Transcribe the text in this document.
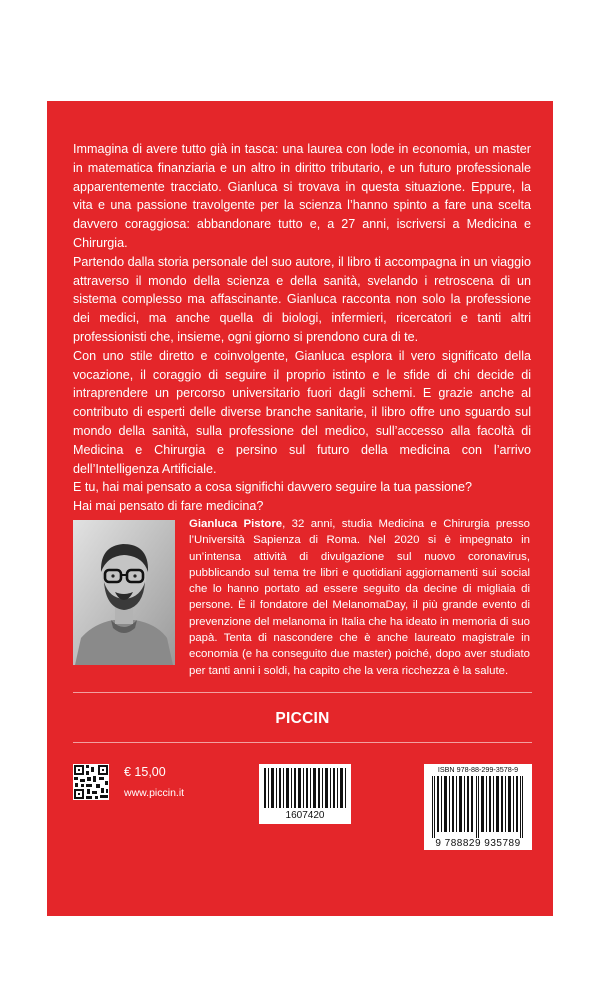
Immagina di avere tutto già in tasca: una laurea con lode in economia, un master in matematica finanziaria e un altro in diritto tributario, e un futuro professionale apparentemente tracciato. Gianluca si trovava in questa situazione. Eppure, la vita e una passione travolgente per la scienza l’hanno spinto a fare una scelta davvero coraggiosa: abbandonare tutto e, a 27 anni, iscriversi a Medicina e Chirurgia.

Partendo dalla storia personale del suo autore, il libro ti accompagna in un viaggio attraverso il mondo della scienza e della sanità, svelando i retroscena di un sistema complesso ma affascinante. Gianluca racconta non solo la professione dei medici, ma anche quella di biologi, infermieri, ricercatori e tanti altri professionisti che, insieme, ogni giorno si prendono cura di te.

Con uno stile diretto e coinvolgente, Gianluca esplora il vero significato della vocazione, il coraggio di seguire il proprio istinto e le sfide di chi decide di intraprendere un percorso universitario fuori dagli schemi. E grazie anche al contributo di esperti delle diverse branche sanitarie, il libro offre uno sguardo sul mondo della sanità, sulla professione del medico, sull’accesso alla facoltà di Medicina e Chirurgia e persino sul futuro della medicina con l’arrivo dell’Intelligenza Artificiale.

E tu, hai mai pensato a cosa significhi davvero seguire la tua passione?

Hai mai pensato di fare medicina?

Gianluca Pistore, 32 anni, studia Medicina e Chirurgia presso l’Università Sapienza di Roma. Nel 2020 si è impegnato in un’intensa attività di divulgazione sul nuovo coronavirus, pubblicando sul tema tre libri e quotidiani aggiornamenti sui social che lo hanno portato ad essere seguito da decine di migliaia di persone. È il fondatore del MelanomaDay, il più grande evento di prevenzione del melanoma in Italia che ha ideato in memoria di suo papà. Tenta di nascondere che è anche laureato magistrale in economia (e ha conseguito due master) poiché, dopo aver studiato per tanti anni i soldi, ha capito che la vera ricchezza è la salute.
PICCIN
€ 15,00
www.piccin.it
1607420
ISBN 978-88-299-3578-9
9 788829 935789
